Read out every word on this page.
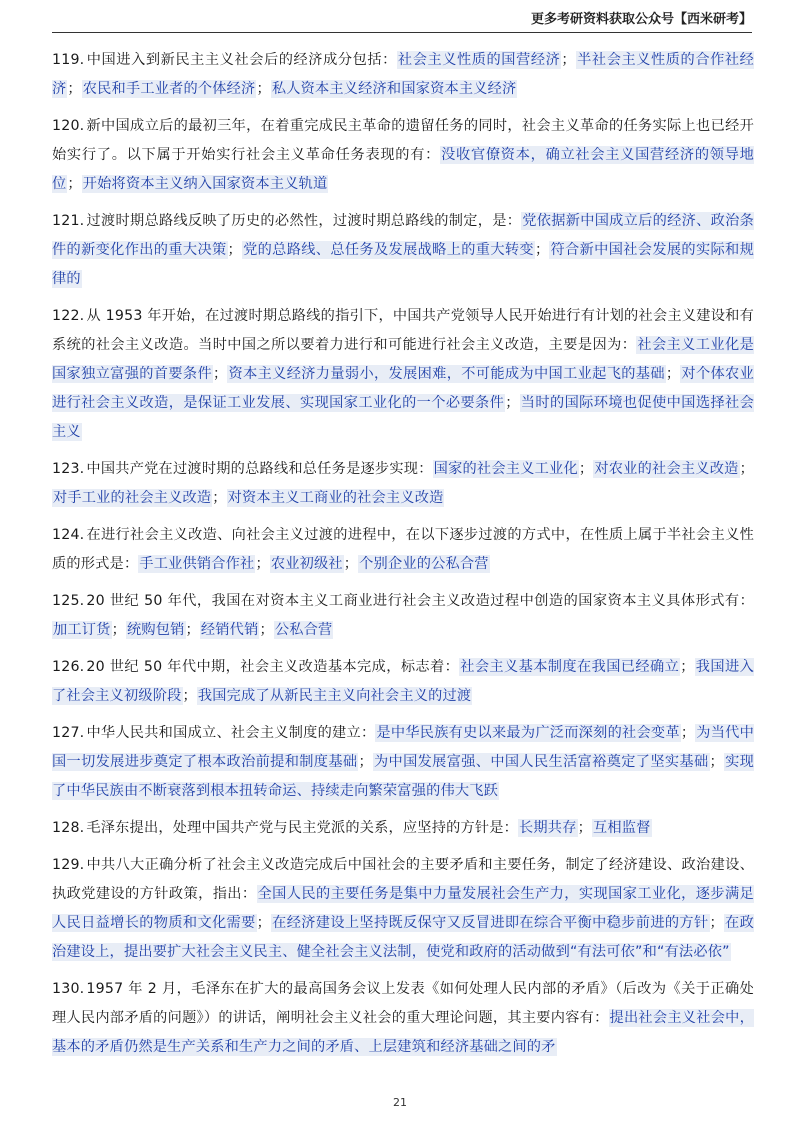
更多考研资料获取公众号【西米研考】

119. 中国进入到新民主主义社会后的经济成分包括：社会主义性质的国营经济；半社会主义性质的合作社经济；农民和手工业者的个体经济；私人资本主义经济和国家资本主义经济

120. 新中国成立后的最初三年，在着重完成民主革命的遗留任务的同时，社会主义革命的任务实际上也已经开始实行了。以下属于开始实行社会主义革命任务表现的有：没收官僚资本，确立社会主义国营经济的领导地位；开始将资本主义纳入国家资本主义轨道

121. 过渡时期总路线反映了历史的必然性，过渡时期总路线的制定，是：党依据新中国成立后的经济、政治条件的新变化作出的重大决策；党的总路线、总任务及发展战略上的重大转变；符合新中国社会发展的实际和规律的

122. 从 1953 年开始，在过渡时期总路线的指引下，中国共产党领导人民开始进行有计划的社会主义建设和有系统的社会主义改造。当时中国之所以要着力进行和可能进行社会主义改造，主要是因为：社会主义工业化是国家独立富强的首要条件；资本主义经济力量弱小，发展困难，不可能成为中国工业起飞的基础；对个体农业进行社会主义改造，是保证工业发展、实现国家工业化的一个必要条件；当时的国际环境也促使中国选择社会主义

123. 中国共产党在过渡时期的总路线和总任务是逐步实现：国家的社会主义工业化；对农业的社会主义改造；对手工业的社会主义改造；对资本主义工商业的社会主义改造

124. 在进行社会主义改造、向社会主义过渡的进程中，在以下逐步过渡的方式中，在性质上属于半社会主义性质的形式是：手工业供销合作社；农业初级社；个别企业的公私合营

125. 20 世纪 50 年代，我国在对资本主义工商业进行社会主义改造过程中创造的国家资本主义具体形式有：加工订货；统购包销；经销代销；公私合营

126. 20 世纪 50 年代中期，社会主义改造基本完成，标志着：社会主义基本制度在我国已经确立；我国进入了社会主义初级阶段；我国完成了从新民主主义向社会主义的过渡

127. 中华人民共和国成立、社会主义制度的建立：是中华民族有史以来最为广泛而深刻的社会变革；为当代中国一切发展进步奠定了根本政治前提和制度基础；为中国发展富强、中国人民生活富裕奠定了坚实基础；实现了中华民族由不断衰落到根本扭转命运、持续走向繁荣富强的伟大飞跃

128. 毛泽东提出，处理中国共产党与民主党派的关系，应坚持的方针是：长期共存；互相监督

129. 中共八大正确分析了社会主义改造完成后中国社会的主要矛盾和主要任务，制定了经济建设、政治建设、执政党建设的方针政策，指出：全国人民的主要任务是集中力量发展社会生产力，实现国家工业化，逐步满足人民日益增长的物质和文化需要；在经济建设上坚持既反保守又反冒进即在综合平衡中稳步前进的方针；在政治建设上，提出要扩大社会主义民主、健全社会主义法制，使党和政府的活动做到“有法可依”和“有法必依”

130. 1957 年 2 月，毛泽东在扩大的最高国务会议上发表《如何处理人民内部的矛盾》（后改为《关于正确处理人民内部矛盾的问题》）的讲话，阐明社会主义社会的重大理论问题，其主要内容有：提出社会主义社会中，基本的矛盾仍然是生产关系和生产力之间的矛盾、上层建筑和经济基础之间的矛

21
